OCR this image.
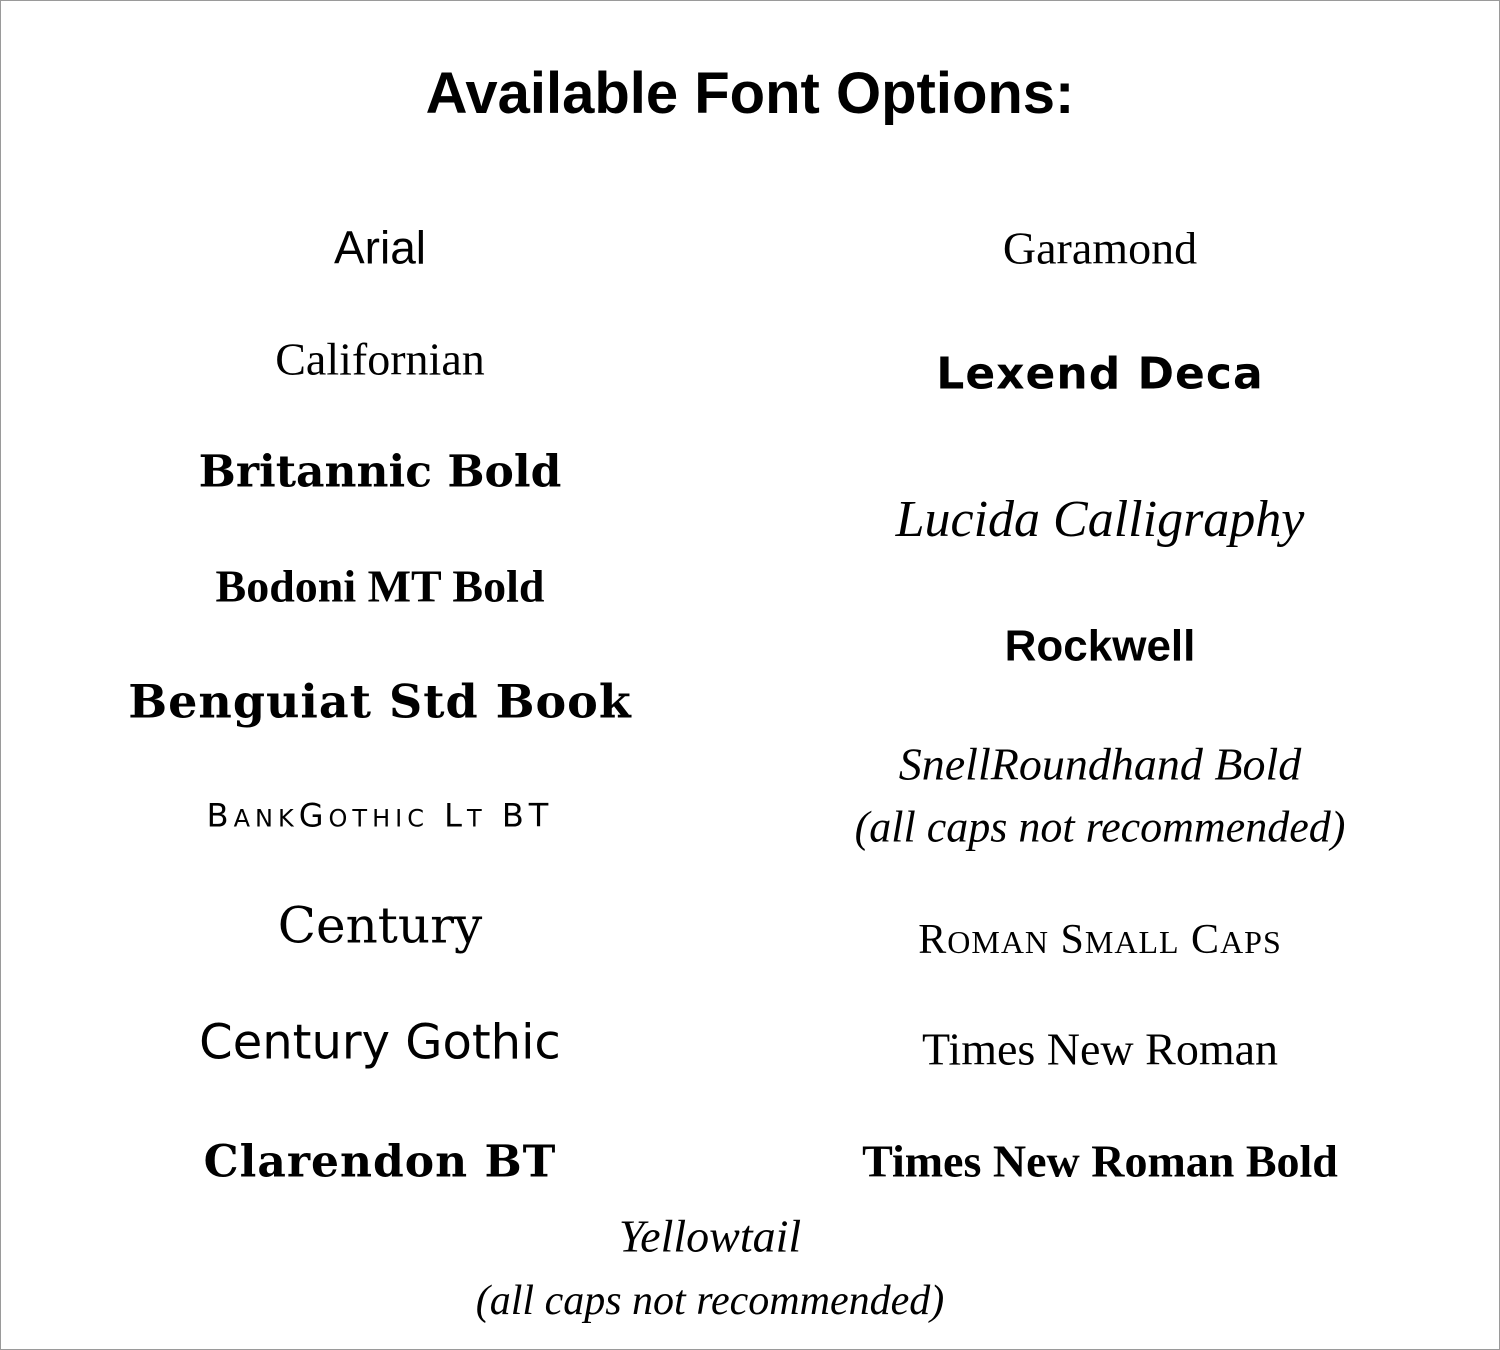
Available Font Options:
Arial
Californian
Britannic Bold
Bodoni MT Bold
Benguiat Std Book
BANKGOTHIC LT BT
Century
Century Gothic
Clarendon BT
Garamond
Lexend Deca
Lucida Calligraphy
Rockwell
SnellRoundhand Bold
(all caps not recommended)
ROMAN SMALL CAPS
Times New Roman
Times New Roman Bold
Yellowtail
(all caps not recommended)
